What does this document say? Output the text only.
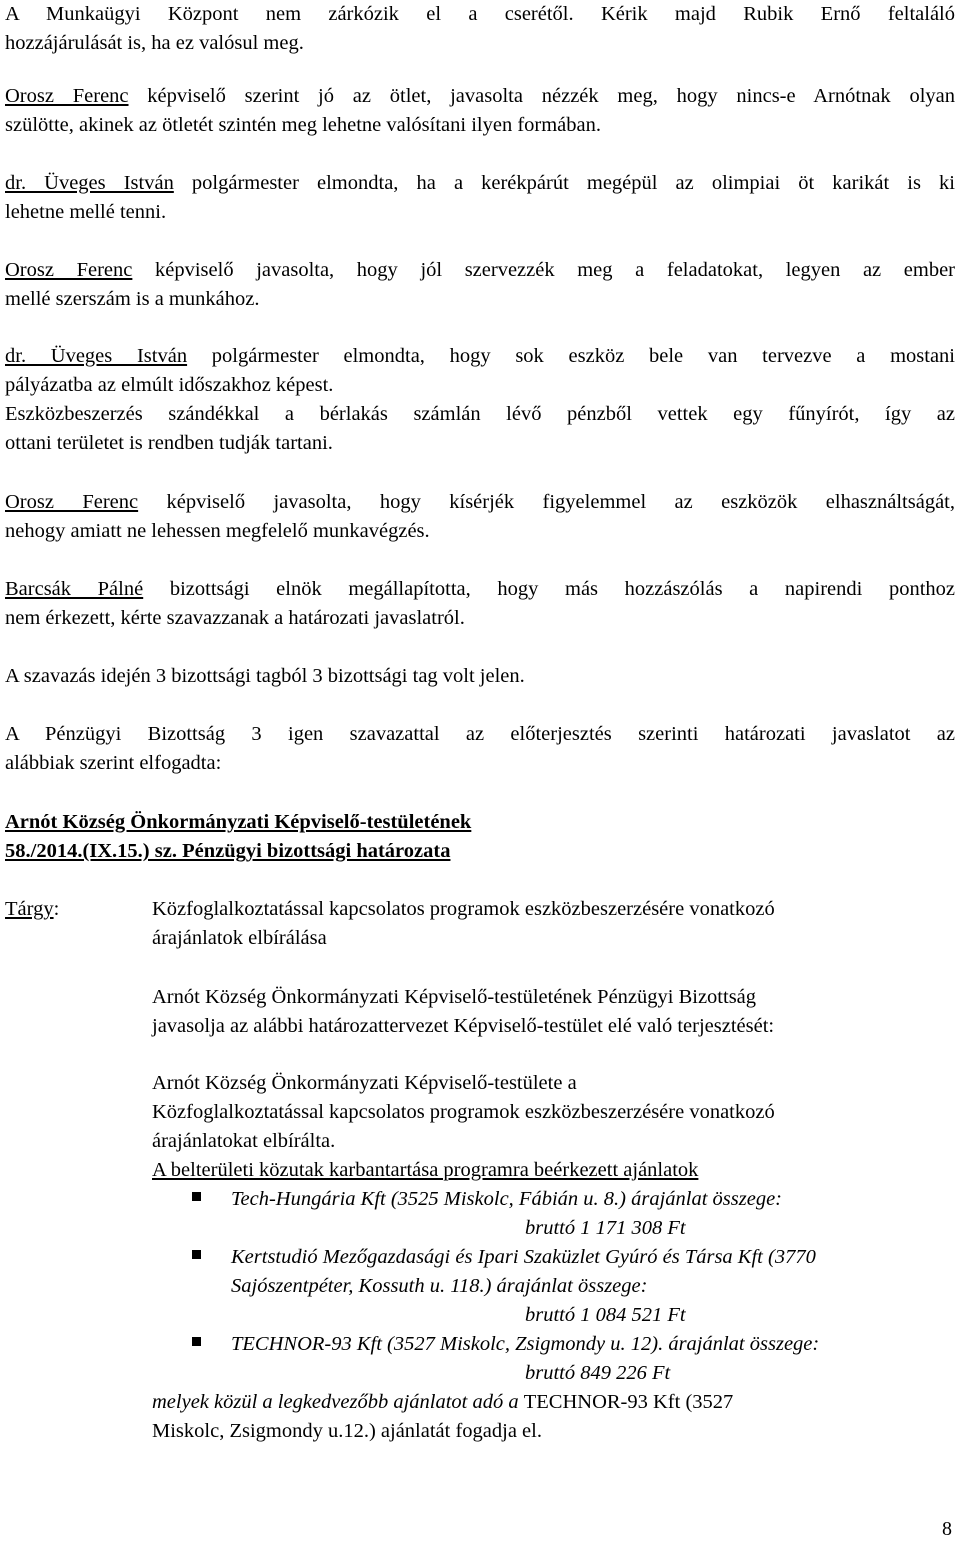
A Munkaügyi Központ nem zárkózik el a cserétől. Kérik majd Rubik Ernő feltaláló
hozzájárulását is, ha ez valósul meg.
Orosz Ferenc képviselő szerint jó az ötlet, javasolta nézzék meg, hogy nincs-e Arnótnak olyan
szülötte, akinek az ötletét szintén meg lehetne valósítani ilyen formában.
dr. Üveges István polgármester elmondta, ha a kerékpárút megépül az olimpiai öt karikát is ki
lehetne mellé tenni.
Orosz Ferenc képviselő javasolta, hogy jól szervezzék meg a feladatokat, legyen az ember
mellé szerszám is a munkához.
dr. Üveges István polgármester elmondta, hogy sok eszköz bele van tervezve a mostani
pályázatba az elmúlt időszakhoz képest.
Eszközbeszerzés szándékkal a bérlakás számlán lévő pénzből vettek egy fűnyírót, így az
ottani területet is rendben tudják tartani.
Orosz Ferenc képviselő javasolta, hogy kísérjék figyelemmel az eszközök elhasználtságát,
nehogy amiatt ne lehessen megfelelő munkavégzés.
Barcsák Pálné bizottsági elnök megállapította, hogy más hozzászólás a napirendi ponthoz
nem érkezett, kérte szavazzanak a határozati javaslatról.
A szavazás idején 3 bizottsági tagból 3 bizottsági tag volt jelen.
A Pénzügyi Bizottság 3 igen szavazattal az előterjesztés szerinti határozati javaslatot az
alábbiak szerint elfogadta:
Arnót Község Önkormányzati Képviselő-testületének
58./2014.(IX.15.) sz. Pénzügyi bizottsági határozata
Tárgy:	Közfoglalkoztatással kapcsolatos programok eszközbeszerzésére vonatkozó
árajánlatok elbírálása
Arnót Község Önkormányzati Képviselő-testületének Pénzügyi Bizottság
javasolja az alábbi határozattervezet Képviselő-testület elé való terjesztését:
Arnót Község Önkormányzati Képviselő-testülete a
Közfoglalkoztatással kapcsolatos programok eszközbeszerzésére vonatkozó
árajánlatokat elbírálta.
A belterületi közutak karbantartása programra beérkezett ajánlatok
Tech-Hungária Kft (3525 Miskolc, Fábián u. 8.) árajánlat összege:
bruttó 1 171 308 Ft
Kertstudió Mezőgazdasági és Ipari Szaküzlet Gyúró és Társa Kft (3770
Sajószentpéter, Kossuth u. 118.) árajánlat összege:
bruttó 1 084 521 Ft
TECHNOR-93 Kft (3527 Miskolc, Zsigmondy u. 12). árajánlat összege:
bruttó 849 226 Ft
melyek közül a legkedvezőbb ajánlatot adó a TECHNOR-93 Kft (3527
Miskolc, Zsigmondy u.12.) ajánlatát fogadja el.
8
